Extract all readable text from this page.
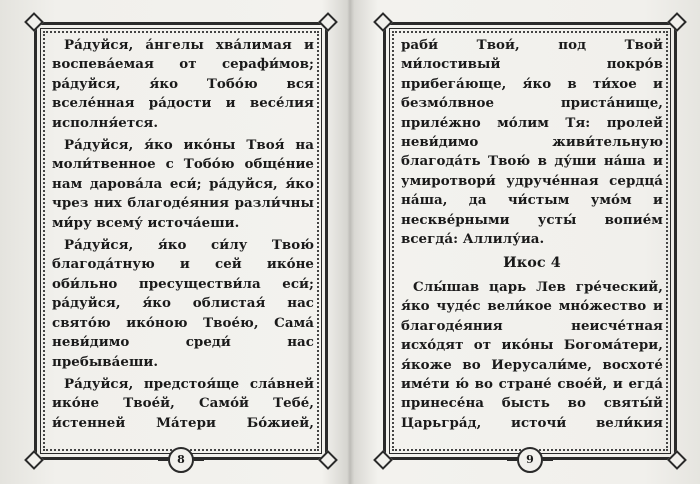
Ра́дуйся, а́нгелы хва́лимая и воспева́емая от серафи́мов; ра́дуйся, я́ко Тобо́ю вся вселе́нная ра́дости и весе́лия исполня́ется.

Ра́дуйся, я́ко ико́ны Твоя́ на моли́твенное с Тобо́ю обще́ние нам дарова́ла еси́; ра́дуйся, я́ко чрез них благоде́яния разли́чны ми́ру всему́ источа́еши.

Ра́дуйся, я́ко си́лу Твою́ благода́тную и сей ико́не оби́льно пресуществи́ла еси́; ра́дуйся, я́ко облистая́ нас свято́ю ико́ною Твое́ю, Сама́ неви́димо среди́ нас пребыва́еши.

Ра́дуйся, предстоя́ще сла́вней ико́не Твое́й, Само́й Тебе́, и́стенней Ма́тери Бо́жией,

8

раби́ Твои́, под Твой ми́лостивый покро́в прибега́юще, я́ко в ти́хое и безмо́лвное приста́нище, приле́жно мо́лим Тя: пролей́ неви́димо живи́тельную благода́ть Твою́ в ду́ши на́ша и умиротвори́ удруче́нная сердца́ на́ша, да чи́стым умо́м и нескве́рными усты́ вопие́м всегда́: Аллилу́иа.

Икос 4

Слы́шав царь Лев гре́ческий, я́ко чуде́с вели́кое мно́жество и благоде́яния неисче́тная исхо́дят от ико́ны Богома́тери, я́коже во Иерусали́ме, восхоте́ име́ти ю́ во стране́ свое́й, и егда́ принесе́на бысть во святы́й Царьгра́д, источи́ вели́кия

9
